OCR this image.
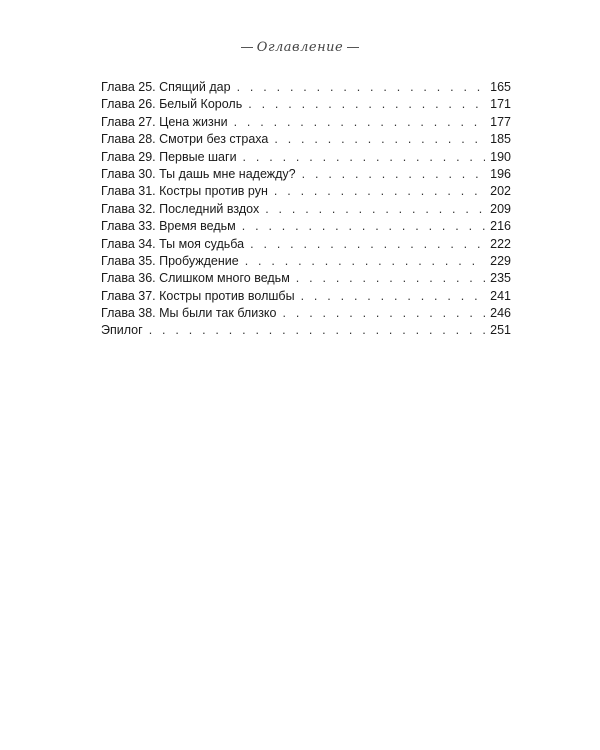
Оглавление
Глава 25. Спящий дар . . .	165
Глава 26. Белый Король . . .	171
Глава 27. Цена жизни . . .	177
Глава 28. Смотри без страха . . .	185
Глава 29. Первые шаги . . .	190
Глава 30. Ты дашь мне надежду? . . .	196
Глава 31. Костры против рун . . .	202
Глава 32. Последний вздох . . .	209
Глава 33. Время ведьм . . .	216
Глава 34. Ты моя судьба . . .	222
Глава 35. Пробуждение . . .	229
Глава 36. Слишком много ведьм . . .	235
Глава 37. Костры против волшбы . . .	241
Глава 38. Мы были так близко . . .	246
Эпилог . . .	251
